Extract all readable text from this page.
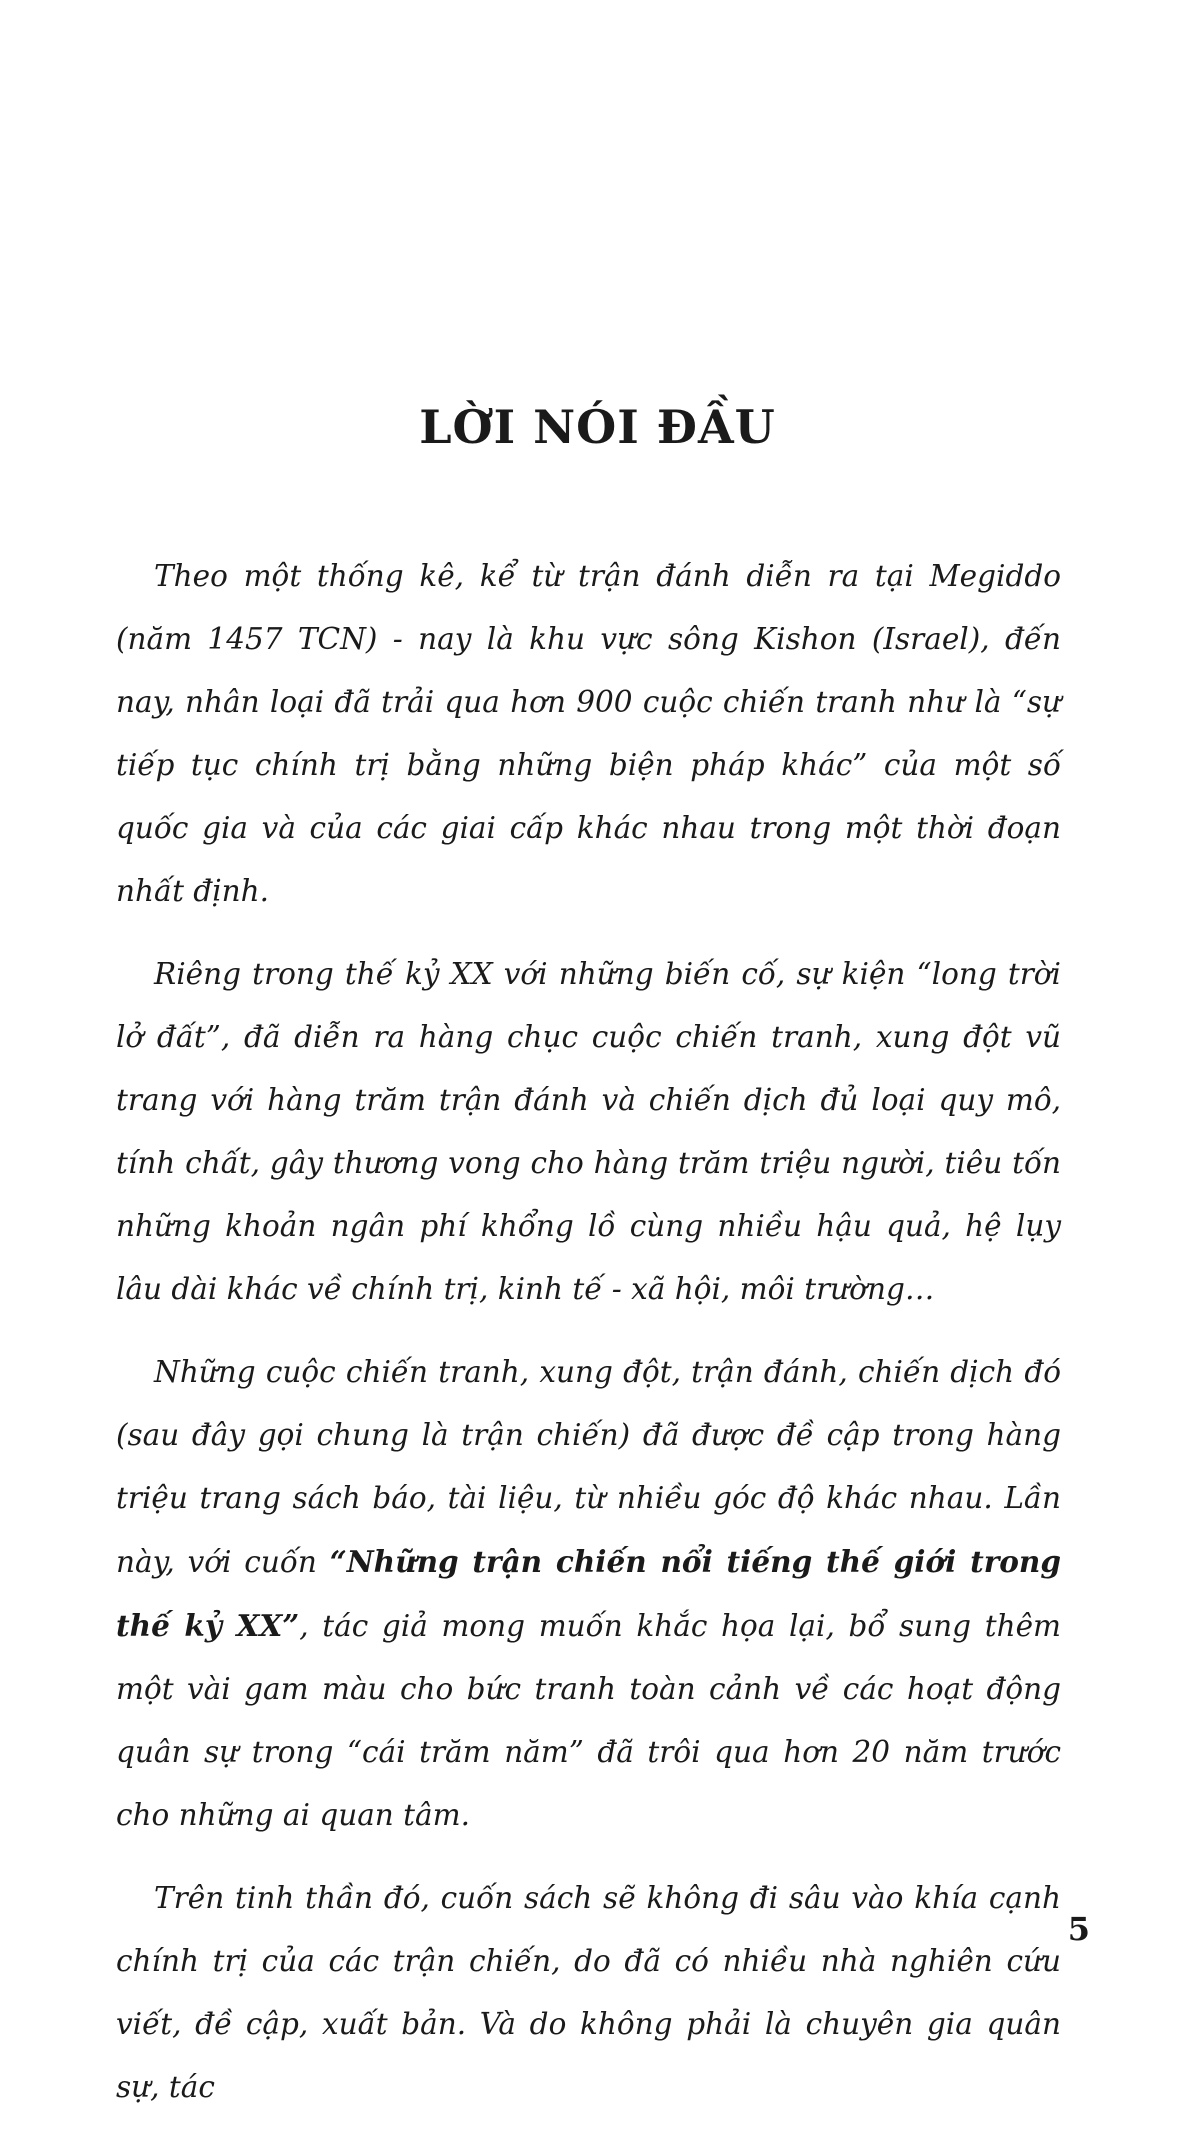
LỜI NÓI ĐẦU

Theo một thống kê, kể từ trận đánh diễn ra tại Megiddo (năm 1457 TCN) - nay là khu vực sông Kishon (Israel), đến nay, nhân loại đã trải qua hơn 900 cuộc chiến tranh như là “sự tiếp tục chính trị bằng những biện pháp khác” của một số quốc gia và của các giai cấp khác nhau trong một thời đoạn nhất định.

Riêng trong thế kỷ XX với những biến cố, sự kiện “long trời lở đất”, đã diễn ra hàng chục cuộc chiến tranh, xung đột vũ trang với hàng trăm trận đánh và chiến dịch đủ loại quy mô, tính chất, gây thương vong cho hàng trăm triệu người, tiêu tốn những khoản ngân phí khổng lồ cùng nhiều hậu quả, hệ lụy lâu dài khác về chính trị, kinh tế - xã hội, môi trường…

Những cuộc chiến tranh, xung đột, trận đánh, chiến dịch đó (sau đây gọi chung là trận chiến) đã được đề cập trong hàng triệu trang sách báo, tài liệu, từ nhiều góc độ khác nhau. Lần này, với cuốn “Những trận chiến nổi tiếng thế giới trong thế kỷ XX”, tác giả mong muốn khắc họa lại, bổ sung thêm một vài gam màu cho bức tranh toàn cảnh về các hoạt động quân sự trong “cái trăm năm” đã trôi qua hơn 20 năm trước cho những ai quan tâm.

Trên tinh thần đó, cuốn sách sẽ không đi sâu vào khía cạnh chính trị của các trận chiến, do đã có nhiều nhà nghiên cứu viết, đề cập, xuất bản. Và do không phải là chuyên gia quân sự, tác

5
